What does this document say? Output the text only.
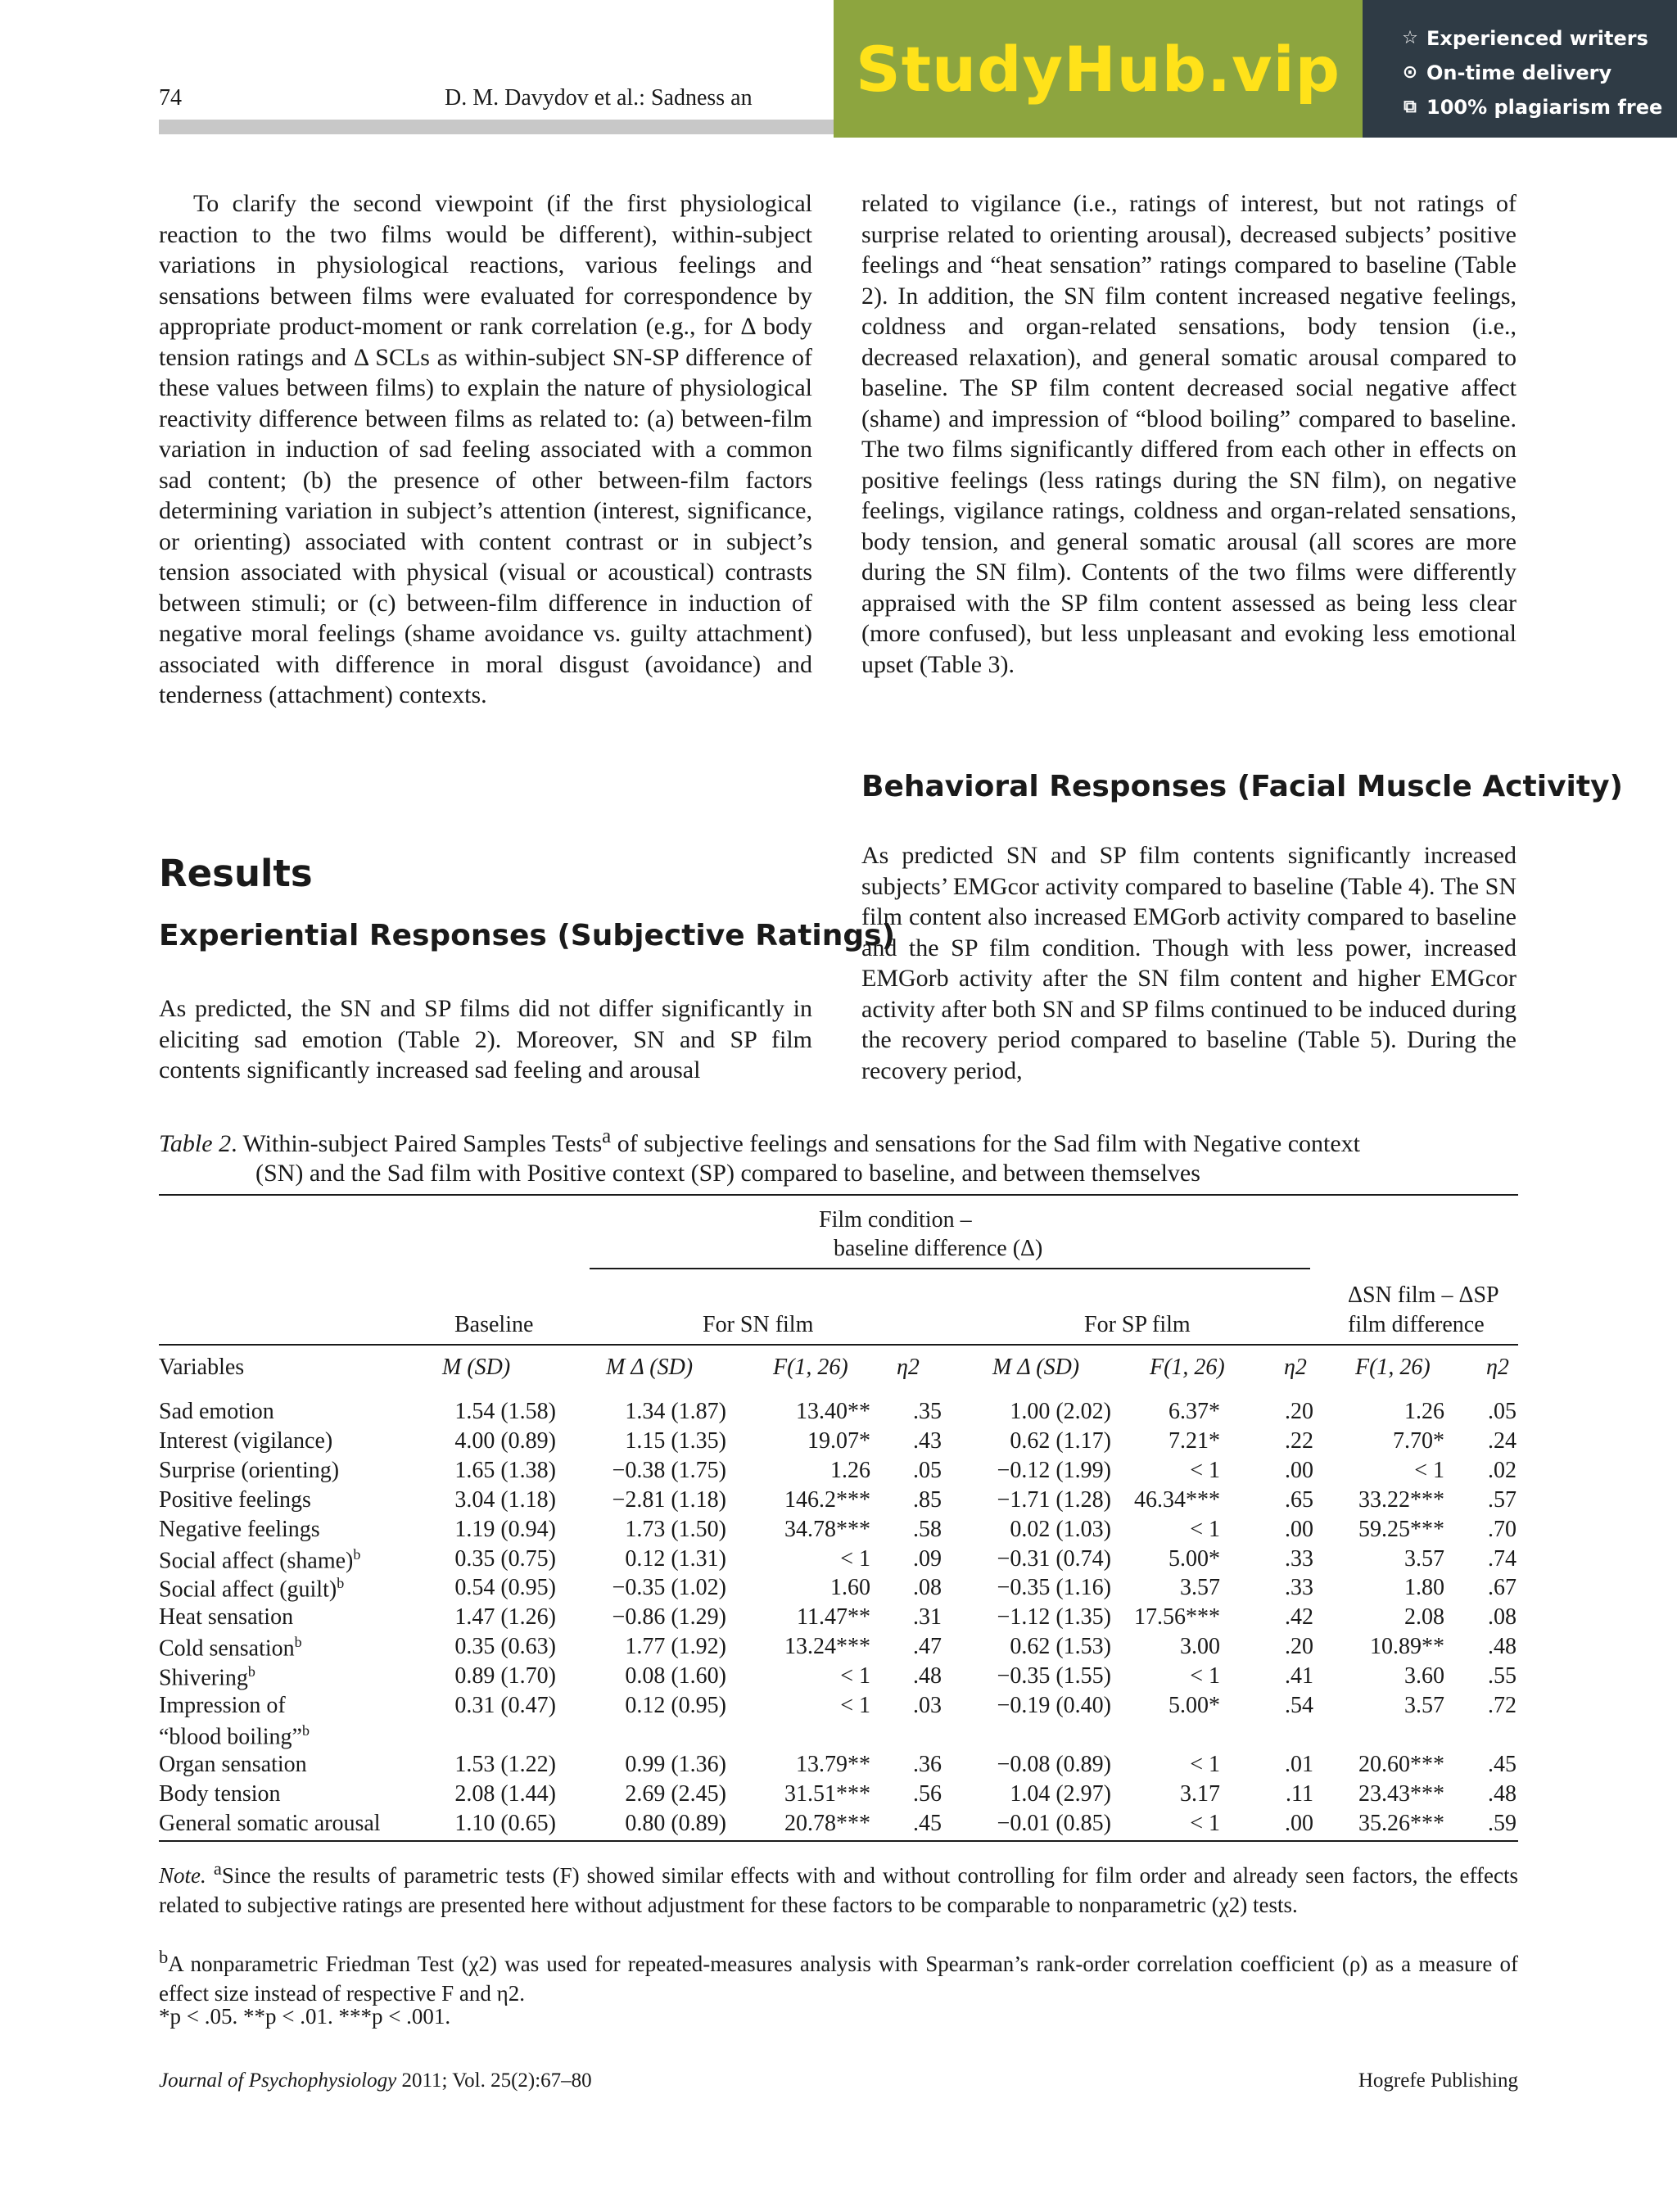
74	D. M. Davydov et al.: Sadness an StudyHub.vip	☆ Experienced writers
⊙ On-time delivery
⧉ 100% plagiarism free

To clarify the second viewpoint (if the first physiological reaction to the two films would be different), within-subject variations in physiological reactions, various feelings and sensations between films were evaluated for correspondence by appropriate product-moment or rank correlation (e.g., for Δ body tension ratings and Δ SCLs as within-subject SN-SP difference of these values between films) to explain the nature of physiological reactivity difference between films as related to: (a) between-film variation in induction of sad feeling associated with a common sad content; (b) the presence of other between-film factors determining variation in subject’s attention (interest, significance, or orienting) associated with content contrast or in subject’s tension associated with physical (visual or acoustical) contrasts between stimuli; or (c) between-film difference in induction of negative moral feelings (shame avoidance vs. guilty attachment) associated with difference in moral disgust (avoidance) and tenderness (attachment) contexts.

Results
Experiential Responses (Subjective Ratings)

As predicted, the SN and SP films did not differ significantly in eliciting sad emotion (Table 2). Moreover, SN and SP film contents significantly increased sad feeling and arousal

related to vigilance (i.e., ratings of interest, but not ratings of surprise related to orienting arousal), decreased subjects’ positive feelings and “heat sensation” ratings compared to baseline (Table 2). In addition, the SN film content increased negative feelings, coldness and organ-related sensations, body tension (i.e., decreased relaxation), and general somatic arousal compared to baseline. The SP film content decreased social negative affect (shame) and impression of “blood boiling” compared to baseline. The two films significantly differed from each other in effects on positive feelings (less ratings during the SN film), on negative feelings, vigilance ratings, coldness and organ-related sensations, body tension, and general somatic arousal (all scores are more during the SN film). Contents of the two films were differently appraised with the SP film content assessed as being less clear (more confused), but less unpleasant and evoking less emotional upset (Table 3).

Behavioral Responses (Facial Muscle Activity)

As predicted SN and SP film contents significantly increased subjects’ EMGcor activity compared to baseline (Table 4). The SN film content also increased EMGorb activity compared to baseline and the SP film condition. Though with less power, increased EMGorb activity after the SN film content and higher EMGcor activity after both SN and SP films continued to be induced during the recovery period compared to baseline (Table 5). During the recovery period,

Table 2. Within-subject Paired Samples Tests$^a$ of subjective feelings and sensations for the Sad film with Negative context
(SN) and the Sad film with Positive context (SP) compared to baseline, and between themselves
Film condition –
baseline difference (Δ)
Baseline	For SN film	For SP film
ΔSN film – ΔSP
film difference
Variables	M (SD)	M Δ (SD)	F(1, 26) η2	M Δ (SD)	F(1, 26)	η2 F(1, 26) η2
Sad emotion	1.54 (1.58)	1.34 (1.87)	13.40** .35	1.00 (2.02)	6.37*	.20	1.26 .05
Interest (vigilance)	4.00 (0.89)	1.15 (1.35)	19.07* .43	0.62 (1.17)	7.21*	.22	7.70* .24
Surprise (orienting)	1.65 (1.38) −0.38 (1.75)	1.26 .05 −0.12 (1.99)	< 1	.00	< 1 .02
Positive feelings	3.04 (1.18) −2.81 (1.18)	146.2*** .85 −1.71 (1.28) 46.34***	.65 33.22*** .57
Negative feelings	1.19 (0.94)	1.73 (1.50)	34.78*** .58	0.02 (1.03)	< 1	.00 59.25*** .70
Social affect (shame)$^b$	0.35 (0.75)	0.12 (1.31)	< 1 .09 −0.31 (0.74)	5.00*	.33	3.57 .74
Social affect (guilt)$^b$	0.54 (0.95) −0.35 (1.02)	1.60 .08 −0.35 (1.16)	3.57	.33	1.80 .67
Heat sensation	1.47 (1.26) −0.86 (1.29)	11.47** .31 −1.12 (1.35) 17.56***	.42	2.08 .08
Cold sensation$^b$	0.35 (0.63)	1.77 (1.92)	13.24*** .47	0.62 (1.53)	3.00	.20 10.89** .48
Shivering$^b$	0.89 (1.70)	0.08 (1.60)	< 1 .48 −0.35 (1.55)	< 1	.41	3.60 .55
Impression of	0.31 (0.47)	0.12 (0.95)	< 1 .03 −0.19 (0.40)	5.00*	.54	3.57 .72
“blood boiling”$^b$
Organ sensation	1.53 (1.22)	0.99 (1.36)	13.79** .36 −0.08 (0.89)	< 1	.01 20.60*** .45
Body tension	2.08 (1.44)	2.69 (2.45)	31.51*** .56	1.04 (2.97)	3.17	.11 23.43*** .48
General somatic arousal	1.10 (0.65)	0.80 (0.89)	20.78*** .45 −0.01 (0.85)	< 1	.00 35.26*** .59
Note. $^a$Since the results of parametric tests (F) showed similar effects with and without controlling for film order and already seen factors, the effects related to subjective ratings are presented here without adjustment for these factors to be comparable to nonparametric (χ2) tests.
$^b$A nonparametric Friedman Test (χ2) was used for repeated-measures analysis with Spearman’s rank-order correlation coefficient (ρ) as a measure of effect size instead of respective F and η2.
*p < .05. **p < .01. ***p < .001.
Journal of Psychophysiology 2011; Vol. 25(2):67–80	Hogrefe Publishing
